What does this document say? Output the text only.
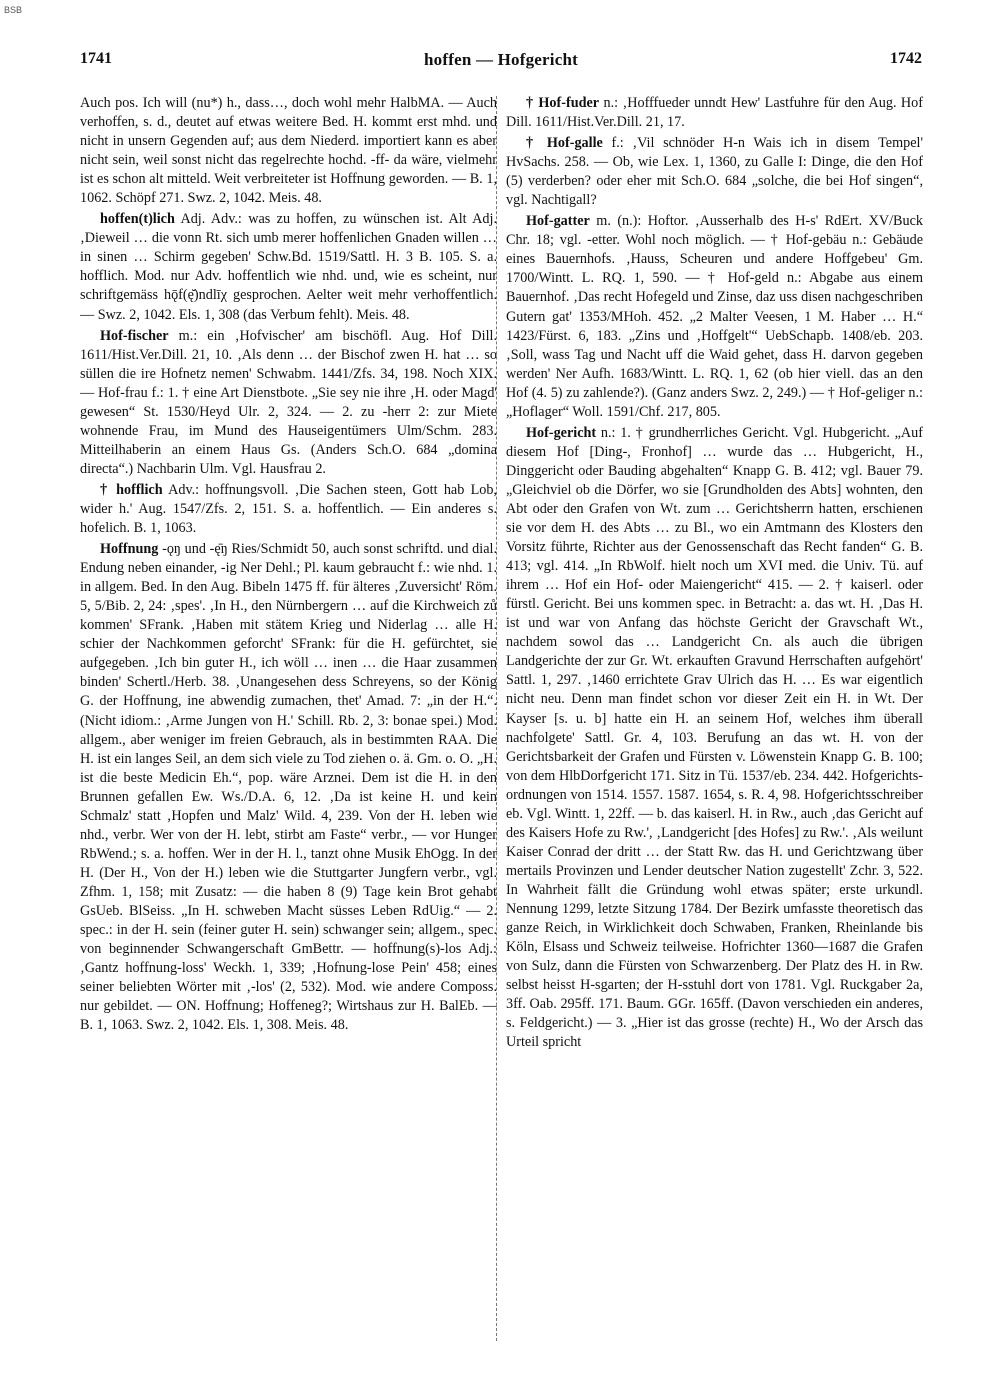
BSB
1741	hoffen — Hofgericht	1742

Auch pos. Ich will (nu*) h., dass…, doch wohl mehr HalbMA. — Auch verhoffen, s. d., deutet auf etwas weitere Bed. H. kommt erst mhd. und nicht in unsern Gegenden auf; aus dem Niederd. importiert kann es aber nicht sein, weil sonst nicht das regelrechte hochd. -ff- da wäre, vielmehr ist es schon alt mitteld. Weit verbreiteter ist Hoffnung geworden. — B. 1, 1062. Schöpf 271. Swz. 2, 1042. Meis. 48.

hoffen(t)lich Adj. Adv.: was zu hoffen, zu wünschen ist. Alt Adj. ‚Dieweil … die vonn Rt. sich umb merer hoffenlichen Gnaden willen … in sinen … Schirm gegeben' Schw.Bd. 1519/Sattl. H. 3 B. 105. S. a. hofflich. Mod. nur Adv. hoffentlich wie nhd. und, wie es scheint, nur schriftgemäss hǭf(ę̆)ndlīχ gesprochen. Aelter weit mehr verhoffentlich. — Swz. 2, 1042. Els. 1, 308 (das Verbum fehlt). Meis. 48.

Hof-fischer m.: ein ‚Hofvischer' am bischöfl. Aug. Hof Dill. 1611/Hist.Ver.Dill. 21, 10. ‚Als denn … der Bischof zwen H. hat … so süllen die ire Hofnetz nemen' Schwabm. 1441/Zfs. 34, 198. Noch XIX. — Hof-frau f.: 1. † eine Art Dienstbote. „Sie sey nie ihre ‚H. oder Magd' gewesen“ St. 1530/Heyd Ulr. 2, 324. — 2. zu -herr 2: zur Miete wohnende Frau, im Mund des Hauseigentümers Ulm/Schm. 283. Mitteilhaberin an einem Haus Gs. (Anders Sch.O. 684 „domina directa“.) Nachbarin Ulm. Vgl. Hausfrau 2.

† hofflich Adv.: hoffnungsvoll. ‚Die Sachen steen, Gott hab Lob, wider h.' Aug. 1547/Zfs. 2, 151. S. a. hoffentlich. — Ein anderes s. hofelich. B. 1, 1063.

Hoffnung -ǫŋ und -ę̄ŋ Ries/Schmidt 50, auch sonst schriftd. und dial. Endung neben einander, -ig Ner Dehl.; Pl. kaum gebraucht f.: wie nhd. 1. in allgem. Bed. In den Aug. Bibeln 1475 ff. für älteres ‚Zuversicht' Röm. 5, 5/Bib. 2, 24: ‚spes'. ‚In H., den Nürnbergern … auf die Kirchweich zů kommen' SFrank. ‚Haben mit stätem Krieg und Niderlag … alle H. schier der Nachkommen geforcht' SFrank: für die H. gefürchtet, sie aufgegeben. ‚Ich bin guter H., ich wöll … inen … die Haar zusammen binden' Schertl./Herb. 38. ‚Unangesehen dess Schreyens, so der König G. der Hoffnung, ine abwendig zumachen, thet' Amad. 7: „in der H.“. (Nicht idiom.: ‚Arme Jungen von H.' Schill. Rb. 2, 3: bonae spei.) Mod. allgem., aber weniger im freien Gebrauch, als in bestimmten RAA. Die H. ist ein langes Seil, an dem sich viele zu Tod ziehen o. ä. Gm. o. O. „H. ist die beste Medicin Eh.“, pop. wäre Arznei. Dem ist die H. in den Brunnen gefallen Ew. Ws./D.A. 6, 12. ‚Da ist keine H. und kein Schmalz' statt ‚Hopfen und Malz' Wild. 4, 239. Von der H. leben wie nhd., verbr. Wer von der H. lebt, stirbt am Faste“ verbr., — vor Hunger RbWend.; s. a. hoffen. Wer in der H. l., tanzt ohne Musik EhOgg. In der H. (Der H., Von der H.) leben wie die Stuttgarter Jungfern verbr., vgl. Zfhm. 1, 158; mit Zusatz: — die haben 8 (9) Tage kein Brot gehabt GsUeb. BlSeiss. „In H. schweben Macht süsses Leben RdUig.“ — 2. spec.: in der H. sein (feiner guter H. sein) schwanger sein; allgem., spec. von beginnender Schwangerschaft GmBettr. — hoffnung(s)-los Adj.: ‚Gantz hoffnung-loss' Weckh. 1, 339; ‚Hofnung-lose Pein' 458; eines seiner beliebten Wörter mit ‚-los' (2, 532). Mod. wie andere Composs. nur gebildet. — ON. Hoffnung; Hoffeneg?; Wirtshaus zur H. BalEb. — B. 1, 1063. Swz. 2, 1042. Els. 1, 308. Meis. 48.

† Hof-fuder n.: ‚Hofffueder unndt Hew' Lastfuhre für den Aug. Hof Dill. 1611/Hist.Ver.Dill. 21, 17.

† Hof-galle f.: ‚Vil schnöder H-n Wais ich in disem Tempel' HvSachs. 258. — Ob, wie Lex. 1, 1360, zu Galle I: Dinge, die den Hof (5) verderben? oder eher mit Sch.O. 684 „solche, die bei Hof singen“, vgl. Nachtigall?

Hof-gatter m. (n.): Hoftor. ‚Ausserhalb des H-s' RdErt. XV/Buck Chr. 18; vgl. -etter. Wohl noch möglich. — † Hof-gebäu n.: Gebäude eines Bauernhofs. ‚Hauss, Scheuren und andere Hoffgebeu' Gm. 1700/Wintt. L. RQ. 1, 590. — † Hof-geld n.: Abgabe aus einem Bauernhof. ‚Das recht Hofegeld und Zinse, daz uss disen nachgeschriben Gutern gat' 1353/MHoh. 452. „2 Malter Veesen, 1 M. Haber … H.“ 1423/Fürst. 6, 183. „Zins und ‚Hoffgelt'“ UebSchapb. 1408/eb. 203. ‚Soll, wass Tag und Nacht uff die Waid gehet, dass H. darvon gegeben werden' Ner Aufh. 1683/Wintt. L. RQ. 1, 62 (ob hier viell. das an den Hof (4. 5) zu zahlende?). (Ganz anders Swz. 2, 249.) — † Hof-geliger n.: „Hoflager“ Woll. 1591/Chf. 217, 805.

Hof-gericht n.: 1. † grundherrliches Gericht. Vgl. Hubgericht. „Auf diesem Hof [Ding-, Fronhof] … wurde das … Hubgericht, H., Dinggericht oder Bauding abgehalten“ Knapp G. B. 412; vgl. Bauer 79. „Gleichviel ob die Dörfer, wo sie [Grundholden des Abts] wohnten, den Abt oder den Grafen von Wt. zum … Gerichtsherrn hatten, erschienen sie vor dem H. des Abts … zu Bl., wo ein Amtmann des Klosters den Vorsitz führte, Richter aus der Genossenschaft das Recht fanden“ G. B. 413; vgl. 414. „In RbWolf. hielt noch um XVI med. die Univ. Tü. auf ihrem … Hof ein Hof- oder Maiengericht“ 415. — 2. † kaiserl. oder fürstl. Gericht. Bei uns kommen spec. in Betracht: a. das wt. H. ‚Das H. ist und war von Anfang das höchste Gericht der Gravschaft Wt., nachdem sowol das … Landgericht Cn. als auch die übrigen Landgerichte der zur Gr. Wt. erkauften Gravund Herrschaften aufgehört' Sattl. 1, 297. ‚1460 errichtete Grav Ulrich das H. … Es war eigentlich nicht neu. Denn man findet schon vor dieser Zeit ein H. in Wt. Der Kayser [s. u. b] hatte ein H. an seinem Hof, welches ihm überall nachfolgete' Sattl. Gr. 4, 103. Berufung an das wt. H. von der Gerichtsbarkeit der Grafen und Fürsten v. Löwenstein Knapp G. B. 100; von dem HlbDorfgericht 171. Sitz in Tü. 1537/eb. 234. 442. Hofgerichts-ordnungen von 1514. 1557. 1587. 1654, s. R. 4, 98. Hofgerichtsschreiber eb. Vgl. Wintt. 1, 22ff. — b. das kaiserl. H. in Rw., auch ‚das Gericht auf des Kaisers Hofe zu Rw.', ‚Landgericht [des Hofes] zu Rw.'. ‚Als weilunt Kaiser Conrad der dritt … der Statt Rw. das H. und Gerichtzwang über mertails Provinzen und Lender deutscher Nation zugestellt' Zchr. 3, 522. In Wahrheit fällt die Gründung wohl etwas später; erste urkundl. Nennung 1299, letzte Sitzung 1784. Der Bezirk umfasste theoretisch das ganze Reich, in Wirklichkeit doch Schwaben, Franken, Rheinlande bis Köln, Elsass und Schweiz teilweise. Hofrichter 1360—1687 die Grafen von Sulz, dann die Fürsten von Schwarzenberg. Der Platz des H. in Rw. selbst heisst H-sgarten; der H-sstuhl dort von 1781. Vgl. Ruckgaber 2a, 3ff. Oab. 295ff. 171. Baum. GGr. 165ff. (Davon verschieden ein anderes, s. Feldgericht.) — 3. „Hier ist das grosse (rechte) H., Wo der Arsch das Urteil spricht
